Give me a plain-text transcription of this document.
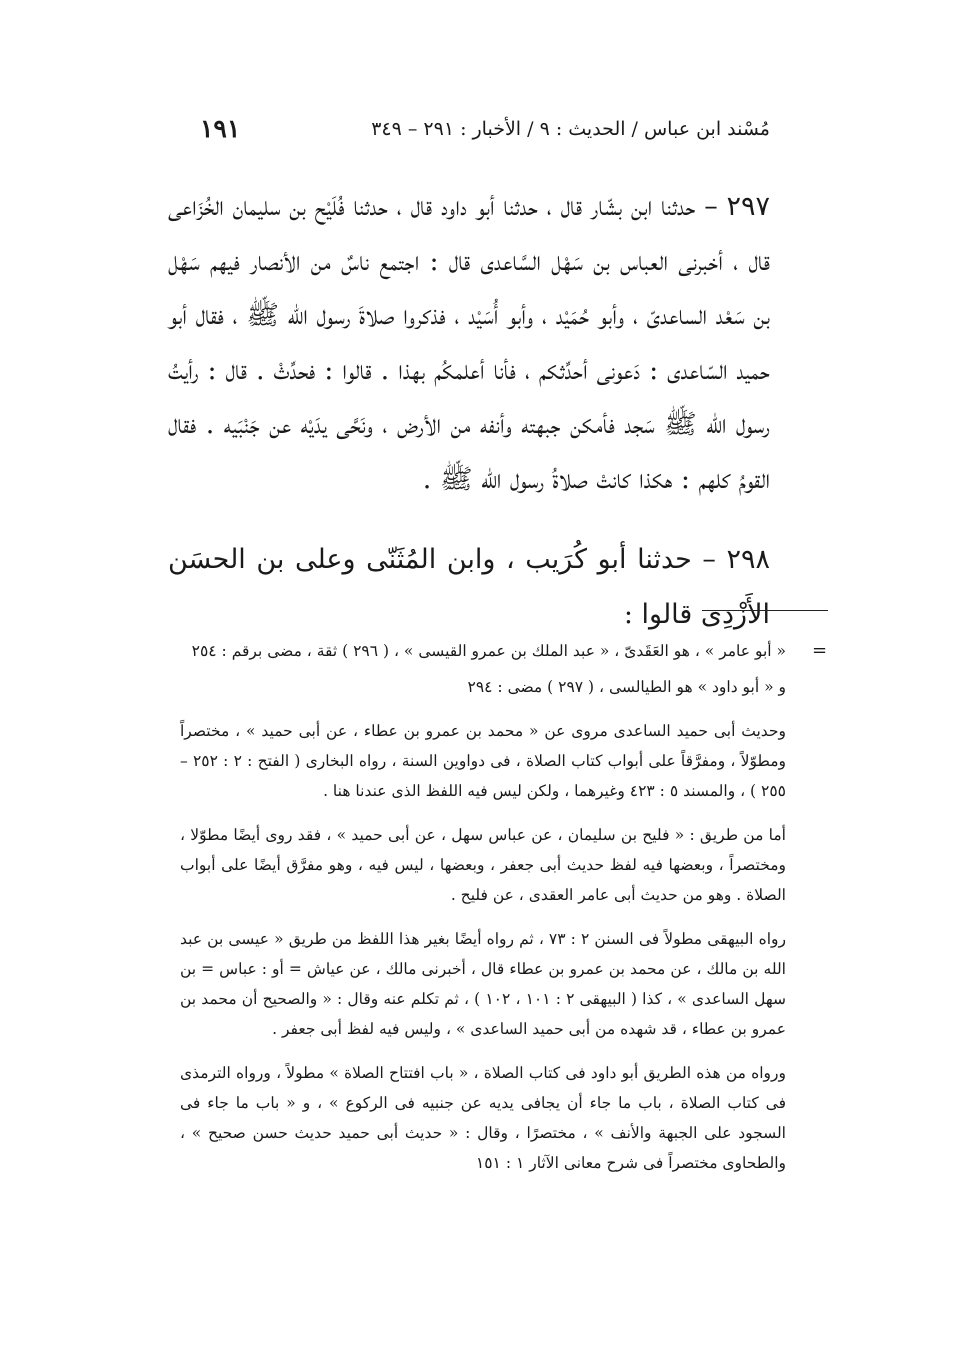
مُسْند ابن عباس / الحديث : ٩ / الأخبار : ٢٩١ – ٣٤٩
١٩١

٢٩٧ – حدثنا ابن بشّار قال ، حدثنا أبو داود قال ، حدثنا فُلَيْح بن سليمان الخُزَاعى قال ، أخبرنى العباس بن سَهْل السَّاعدى قال : اجتمع ناسٌ من الأنصار فيهم سَهْل بن سَعْد الساعدىّ ، وأبو حُمَيْد ، وأبو أُسَيْد ، فذكروا صلاةَ رسول الله ﷺ ، فقال أبو حميد السّاعدى : دَعونى أحدِّثكم ، فأنا أعلمكُم بهذا . قالوا : فحدِّثْ . قال : رأيتُ رسول الله ﷺ سَجد فأمكن جبهته وأنفه من الأرض ، ونَحَّى يدَيْه عن جَنْبَيه . فقال القومُ كلهم : هكذا كانتْ صلاةُ رسول الله ﷺ .

٢٩٨ – حدثنا أبو كُرَيب ، وابن المُثَنّى وعلى بن الحسَن الأَزْدِى قالوا :

=

« أبو عامر » ، هو العَقَدىّ ، « عبد الملك بن عمرو القيسى » ، ( ٢٩٦ ) ثقة ، مضى برقم : ٢٥٤

و « أبو داود » هو الطيالسى ، ( ٢٩٧ ) مضى : ٢٩٤

وحديث أبى حميد الساعدى مروى عن « محمد بن عمرو بن عطاء ، عن أبى حميد » ، مختصراً ومطوّلاً ، ومفرَّقاً على أبواب كتاب الصلاة ، فى دواوين السنة ، رواه البخارى ( الفتح : ٢ : ٢٥٢ – ٢٥٥ ) ، والمسند ٥ : ٤٢٣ وغيرهما ، ولكن ليس فيه اللفظ الذى عندنا هنا .

أما من طريق : « فليح بن سليمان ، عن عباس سهل ، عن أبى حميد » ، فقد روى أيضًا مطوّلا ، ومختصراً ، وبعضها فيه لفظ حديث أبى جعفر ، وبعضها ، ليس فيه ، وهو مفرَّق أيضًا على أبواب الصلاة . وهو من حديث أبى عامر العقدى ، عن فليح .

رواه البيهقى مطولاً فى السنن ٢ : ٧٣ ، ثم رواه أيضًا بغير هذا اللفظ من طريق « عيسى بن عبد الله بن مالك ، عن محمد بن عمرو بن عطاء قال ، أخبرنى مالك ، عن عياش = أو : عباس = بن سهل الساعدى » ، كذا ( البيهقى ٢ : ١٠١ ، ١٠٢ ) ، ثم تكلم عنه وقال : « والصحيح أن محمد بن عمرو بن عطاء ، قد شهده من أبى حميد الساعدى » ، وليس فيه لفظ أبى جعفر .

ورواه من هذه الطريق أبو داود فى كتاب الصلاة ، « باب افتتاح الصلاة » مطولاً ، ورواه الترمذى فى كتاب الصلاة ، باب ما جاء أن يجافى يديه عن جنبيه فى الركوع » ، و « باب ما جاء فى السجود على الجبهة والأنف » ، مختصرًا ، وقال : « حديث أبى حميد حديث حسن صحيح » ، والطحاوى مختصراً فى شرح معانى الآثار ١ : ١٥١
